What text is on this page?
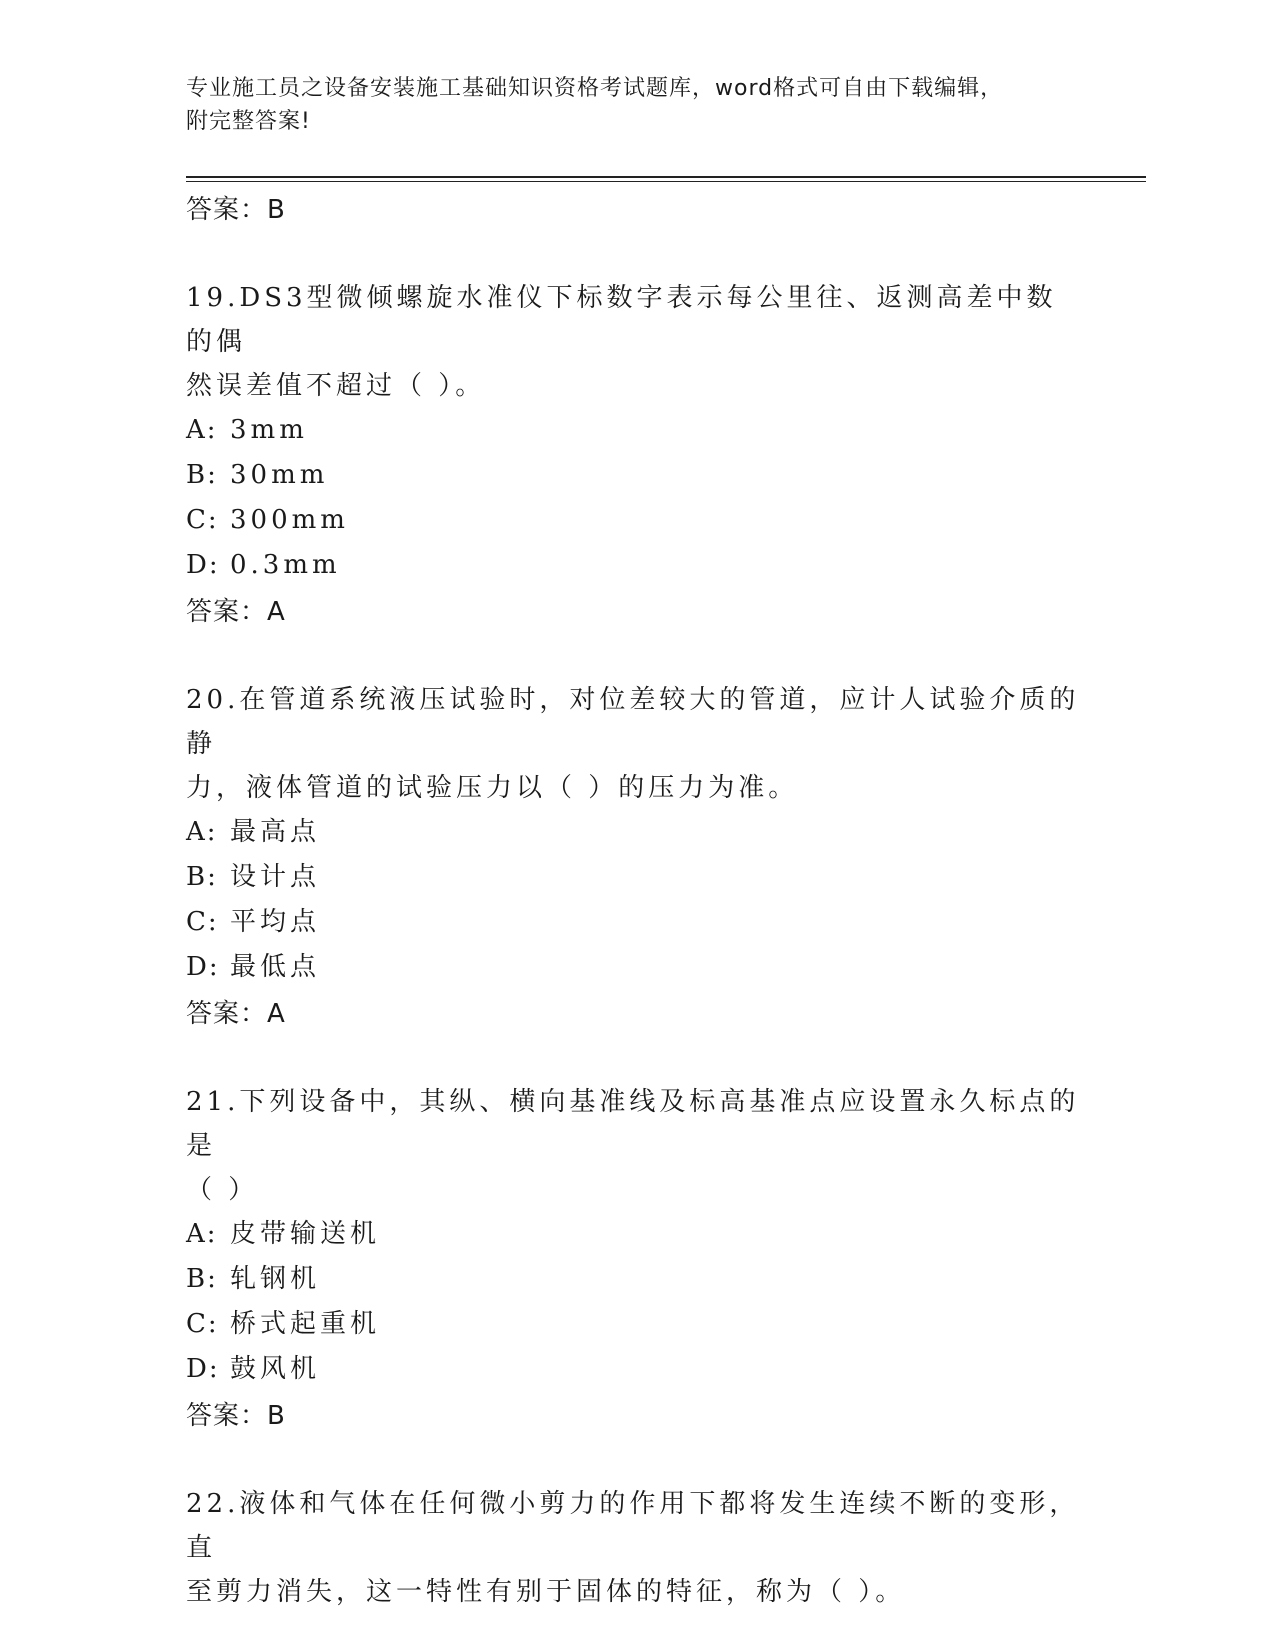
专业施工员之设备安装施工基础知识资格考试题库，word格式可自由下载编辑，
附完整答案!
答案：B
19.DS3型微倾螺旋水准仪下标数字表示每公里往、返测高差中数的偶
然误差值不超过（ ）。
A: 3mm
B: 30mm
C: 300mm
D: 0.3mm
答案：A
20.在管道系统液压试验时，对位差较大的管道，应计人试验介质的静
力，液体管道的试验压力以（ ）的压力为准。
A: 最高点
B: 设计点
C: 平均点
D: 最低点
答案：A
21.下列设备中，其纵、横向基准线及标高基准点应设置永久标点的是
（ ）
A: 皮带输送机
B: 轧钢机
C: 桥式起重机
D: 鼓风机
答案：B
22.液体和气体在任何微小剪力的作用下都将发生连续不断的变形，直
至剪力消失，这一特性有别于固体的特征，称为（ ）。
